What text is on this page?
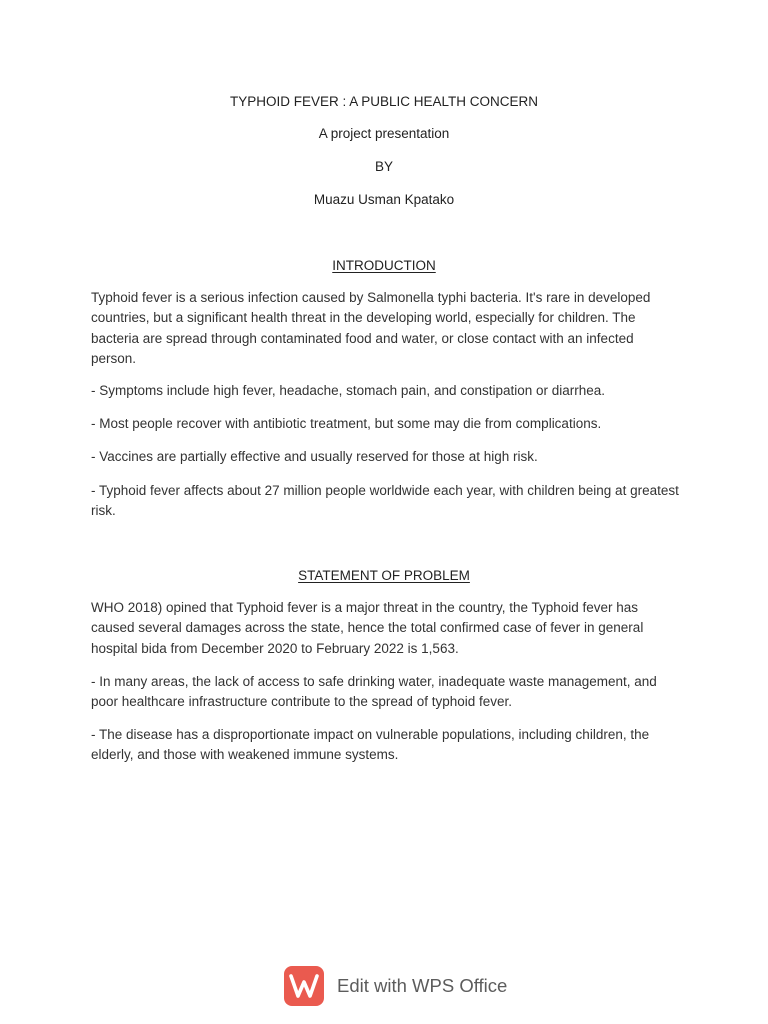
TYPHOID FEVER : A PUBLIC HEALTH CONCERN
A project presentation
BY
Muazu Usman Kpatako
INTRODUCTION

Typhoid fever is a serious infection caused by Salmonella typhi bacteria. It's rare in developed countries, but a significant health threat in the developing world, especially for children. The bacteria are spread through contaminated food and water, or close contact with an infected person.

- Symptoms include high fever, headache, stomach pain, and constipation or diarrhea.

- Most people recover with antibiotic treatment, but some may die from complications.

- Vaccines are partially effective and usually reserved for those at high risk.

- Typhoid fever affects about 27 million people worldwide each year, with children being at greatest risk.

STATEMENT OF PROBLEM

WHO 2018) opined that Typhoid fever is a major threat in the country, the Typhoid fever has caused several damages across the state, hence the total confirmed case of fever in general hospital bida from December 2020 to February 2022 is 1,563.

- In many areas, the lack of access to safe drinking water, inadequate waste management, and poor healthcare infrastructure contribute to the spread of typhoid fever.

- The disease has a disproportionate impact on vulnerable populations, including children, the elderly, and those with weakened immune systems.

Edit with WPS Office
